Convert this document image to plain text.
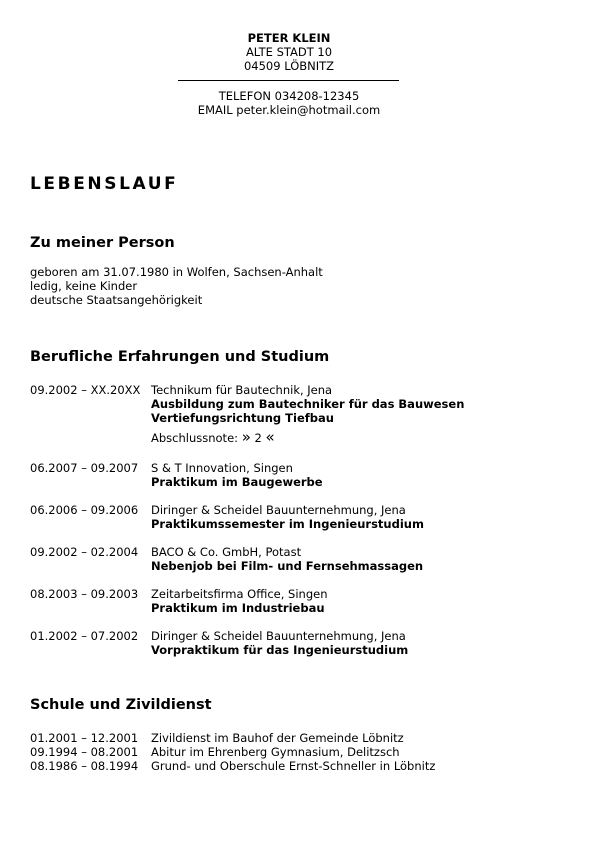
PETER KLEIN
ALTE STADT 10
04509 LÖBNITZ
TELEFON 034208-12345
EMAIL peter.klein@hotmail.com
LEBENSLAUF
Zu meiner Person
geboren am 31.07.1980 in Wolfen, Sachsen-Anhalt
ledig, keine Kinder
deutsche Staatsangehörigkeit
Berufliche Erfahrungen und Studium
09.2002 – XX.20XX Technikum für Bautechnik, Jena
Ausbildung zum Bautechniker für das Bauwesen
Vertiefungsrichtung Tiefbau
Abschlussnote: » 2 «
06.2007 – 09.2007 S & T Innovation, Singen
Praktikum im Baugewerbe
06.2006 – 09.2006 Diringer & Scheidel Bauunternehmung, Jena
Praktikumssemester im Ingenieurstudium
09.2002 – 02.2004 BACO & Co. GmbH, Potast
Nebenjob bei Film- und Fernsehmassagen
08.2003 – 09.2003 Zeitarbeitsfirma Office, Singen
Praktikum im Industriebau
01.2002 – 07.2002 Diringer & Scheidel Bauunternehmung, Jena
Vorpraktikum für das Ingenieurstudium
Schule und Zivildienst
01.2001 – 12.2001 Zivildienst im Bauhof der Gemeinde Löbnitz
09.1994 – 08.2001 Abitur im Ehrenberg Gymnasium, Delitzsch
08.1986 – 08.1994 Grund- und Oberschule Ernst-Schneller in Löbnitz
